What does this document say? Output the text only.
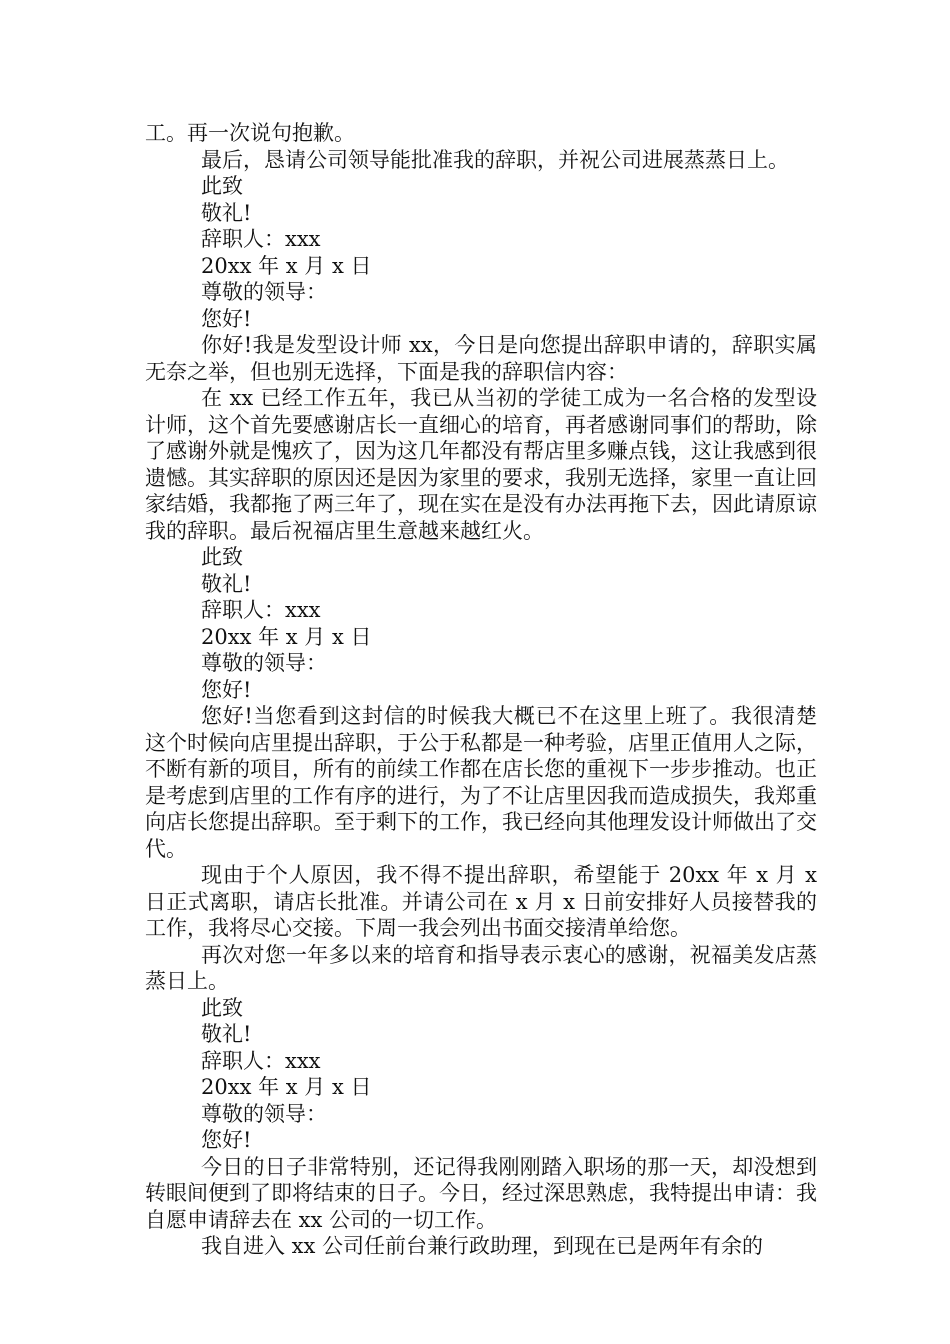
工。再一次说句抱歉。

最后，恳请公司领导能批准我的辞职，并祝公司进展蒸蒸日上。

此致

敬礼!

辞职人：xxx

20xx 年 x 月 x 日

尊敬的领导：

您好!

你好!我是发型设计师 xx，今日是向您提出辞职申请的，辞职实属无奈之举，但也别无选择，下面是我的辞职信内容：

在 xx 已经工作五年，我已从当初的学徒工成为一名合格的发型设计师，这个首先要感谢店长一直细心的培育，再者感谢同事们的帮助，除了感谢外就是愧疚了，因为这几年都没有帮店里多赚点钱，这让我感到很遗憾。其实辞职的原因还是因为家里的要求，我别无选择，家里一直让回家结婚，我都拖了两三年了，现在实在是没有办法再拖下去，因此请原谅我的辞职。最后祝福店里生意越来越红火。

此致

敬礼!

辞职人：xxx

20xx 年 x 月 x 日

尊敬的领导：

您好!

您好!当您看到这封信的时候我大概已不在这里上班了。我很清楚这个时候向店里提出辞职，于公于私都是一种考验，店里正值用人之际，不断有新的项目，所有的前续工作都在店长您的重视下一步步推动。也正是考虑到店里的工作有序的进行，为了不让店里因我而造成损失，我郑重向店长您提出辞职。至于剩下的工作，我已经向其他理发设计师做出了交代。

现由于个人原因，我不得不提出辞职，希望能于 20xx 年 x 月 x 日正式离职，请店长批准。并请公司在 x 月 x 日前安排好人员接替我的工作，我将尽心交接。下周一我会列出书面交接清单给您。

再次对您一年多以来的培育和指导表示衷心的感谢，祝福美发店蒸蒸日上。

此致

敬礼!

辞职人：xxx

20xx 年 x 月 x 日

尊敬的领导：

您好!

今日的日子非常特别，还记得我刚刚踏入职场的那一天，却没想到转眼间便到了即将结束的日子。今日，经过深思熟虑，我特提出申请：我自愿申请辞去在 xx 公司的一切工作。

我自进入 xx 公司任前台兼行政助理，到现在已是两年有余的
